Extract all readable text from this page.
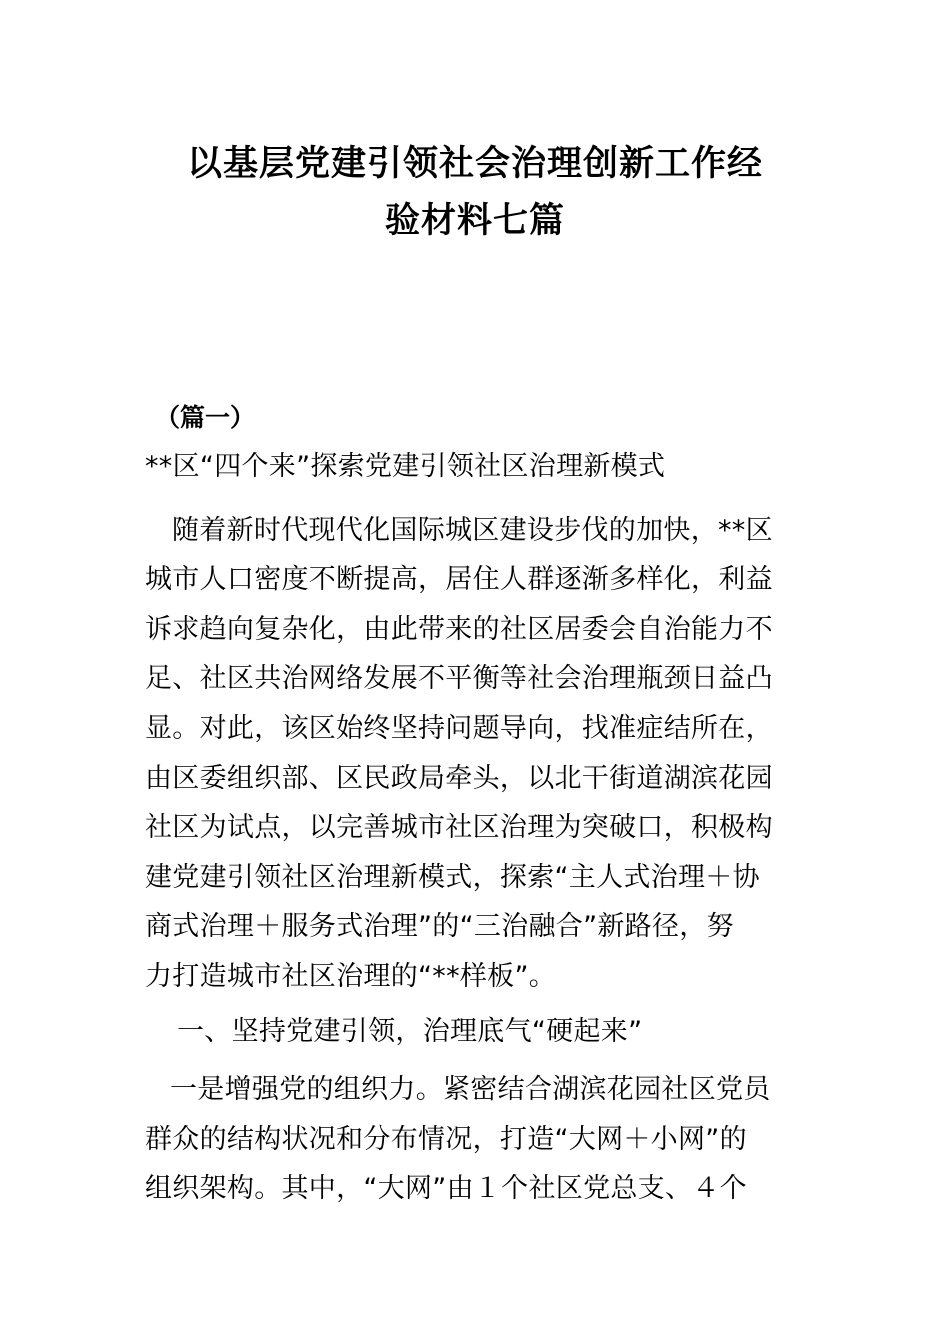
以基层党建引领社会治理创新工作经
验材料七篇
（篇一）
**区“四个来”探索党建引领社区治理新模式
随着新时代现代化国际城区建设步伐的加快，**区
城市人口密度不断提高，居住人群逐渐多样化，利益
诉求趋向复杂化，由此带来的社区居委会自治能力不
足、社区共治网络发展不平衡等社会治理瓶颈日益凸
显。对此，该区始终坚持问题导向，找准症结所在，
由区委组织部、区民政局牵头，以北干街道湖滨花园
社区为试点，以完善城市社区治理为突破口，积极构
建党建引领社区治理新模式，探索“主人式治理＋协
商式治理＋服务式治理”的“三治融合”新路径，努
力打造城市社区治理的“**样板”。
一、坚持党建引领，治理底气“硬起来”
一是增强党的组织力。紧密结合湖滨花园社区党员
群众的结构状况和分布情况，打造“大网＋小网”的
组织架构。其中，“大网”由１个社区党总支、４个
